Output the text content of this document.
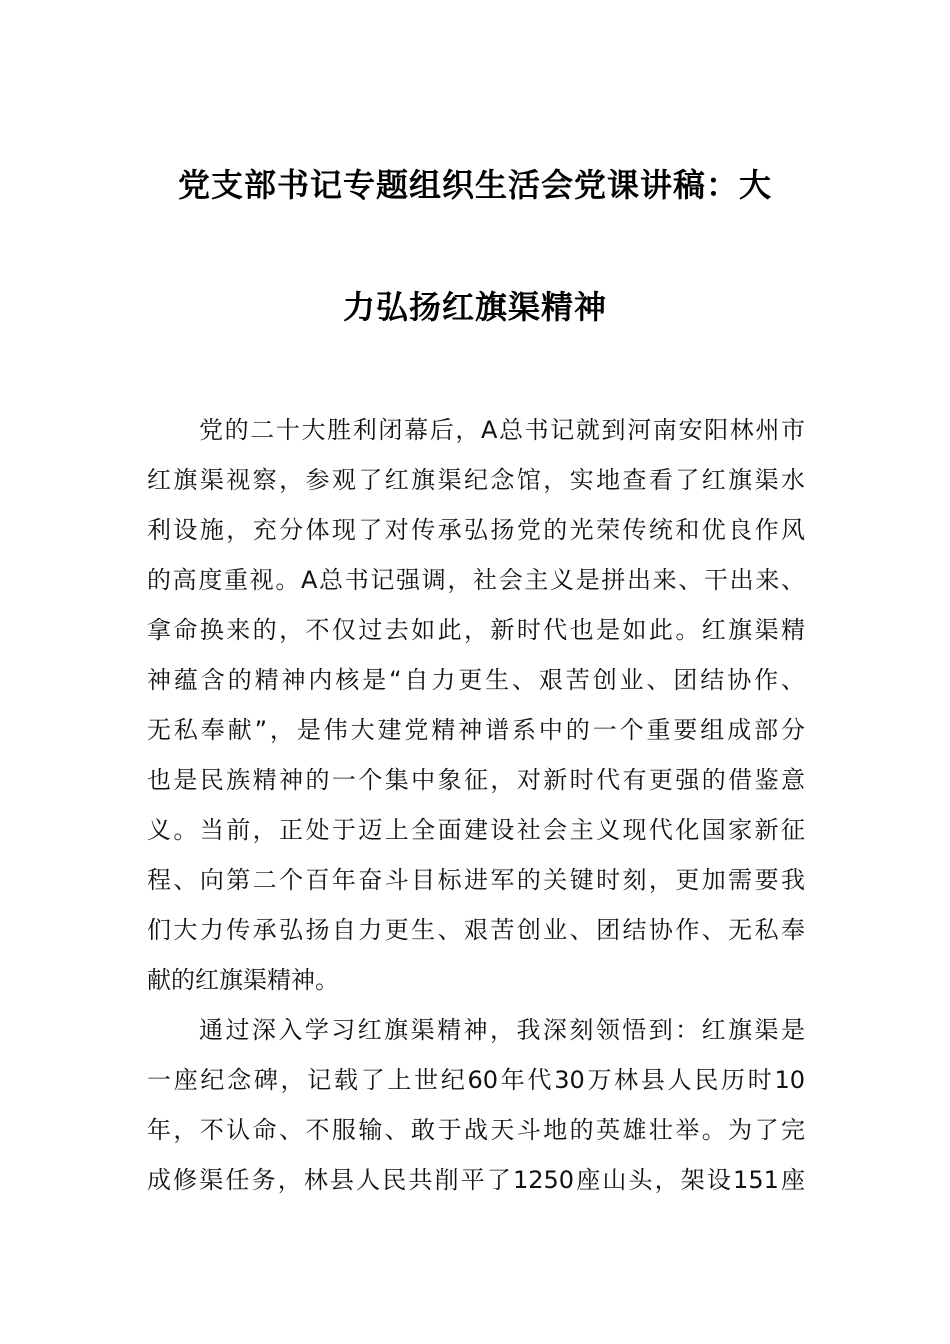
党支部书记专题组织生活会党课讲稿：大
力弘扬红旗渠精神
党的二十大胜利闭幕后，A总书记就到河南安阳林州市
红旗渠视察，参观了红旗渠纪念馆，实地查看了红旗渠水
利设施，充分体现了对传承弘扬党的光荣传统和优良作风
的高度重视。A总书记强调，社会主义是拼出来、干出来、
拿命换来的，不仅过去如此，新时代也是如此。红旗渠精
神蕴含的精神内核是“自力更生、艰苦创业、团结协作、
无私奉献”，是伟大建党精神谱系中的一个重要组成部分
也是民族精神的一个集中象征，对新时代有更强的借鉴意
义。当前，正处于迈上全面建设社会主义现代化国家新征
程、向第二个百年奋斗目标进军的关键时刻，更加需要我
们大力传承弘扬自力更生、艰苦创业、团结协作、无私奉
献的红旗渠精神。
通过深入学习红旗渠精神，我深刻领悟到：红旗渠是
一座纪念碑，记载了上世纪60年代30万林县人民历时10
年，不认命、不服输、敢于战天斗地的英雄壮举。为了完
成修渠任务，林县人民共削平了1250座山头，架设151座
